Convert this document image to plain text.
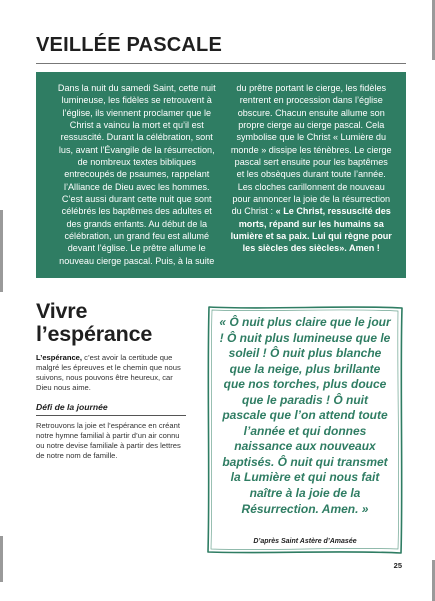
VEILLÉE PASCALE

Dans la nuit du samedi Saint, cette nuit lumineuse, les fidèles se retrouvent à l’église, ils viennent proclamer que le Christ a vaincu la mort et qu’il est ressuscité. Durant la célébration, sont lus, avant l’Évangile de la résurrection, de nombreux textes bibliques entrecoupés de psaumes, rappelant l’Alliance de Dieu avec les hommes. C’est aussi durant cette nuit que sont célébrés les baptêmes des adultes et des grands enfants. Au début de la célébration, un grand feu est allumé devant l’église. Le prêtre allume le nouveau cierge pascal. Puis, à la suite

du prêtre portant le cierge, les fidèles rentrent en procession dans l’église obscure. Chacun ensuite allume son propre cierge au cierge pascal. Cela symbolise que le Christ « Lumière du monde » dissipe les ténèbres. Le cierge pascal sert ensuite pour les baptêmes et les obsèques durant toute l’année. Les cloches carillonnent de nouveau pour annoncer la joie de la résurrection du Christ : « Le Christ, ressuscité des morts, répand sur les humains sa lumière et sa paix. Lui qui règne pour les siècles des siècles». Amen !

Vivre
l’espérance

L’espérance, c’est avoir la certitude que malgré les épreuves et le chemin que nous suivons, nous pouvons être heureux, car Dieu nous aime.

Défi de la journée

Retrouvons la joie et l’espérance en créant notre hymne familial à partir d’un air connu ou notre devise familiale à partir des lettres de notre nom de famille.

« Ô nuit plus claire que le jour ! Ô nuit plus lumineuse que le soleil ! Ô nuit plus blanche que la neige, plus brillante que nos torches, plus douce que le paradis ! Ô nuit pascale que l’on attend toute l’année et qui donnes naissance aux nouveaux baptisés. Ô nuit qui transmet la Lumière et qui nous fait naître à la joie de la Résurrection. Amen. »

D’après Saint Astère d’Amasée

25
